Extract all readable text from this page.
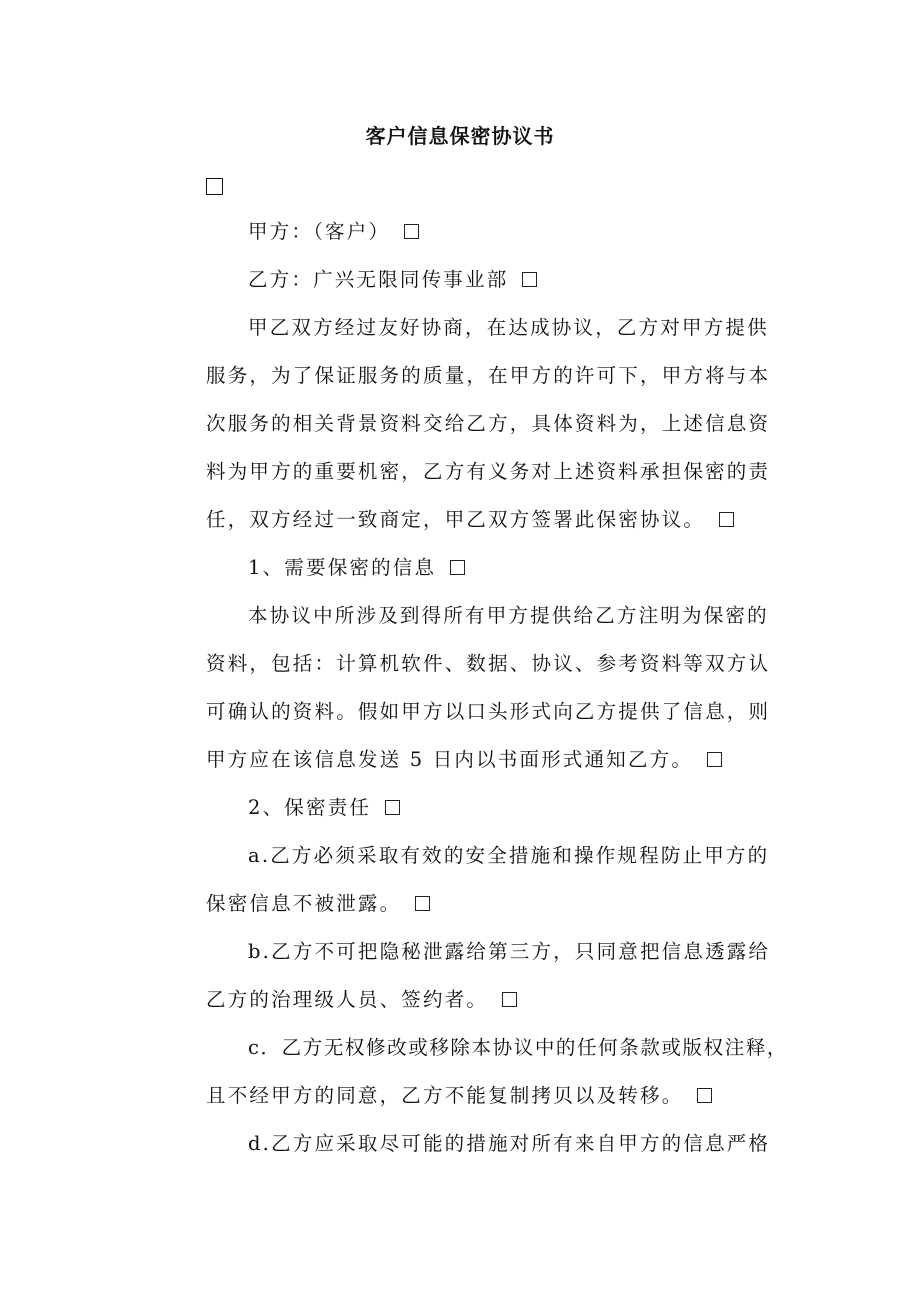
客户信息保密协议书
甲方：（客户）
乙方：广兴无限同传事业部
甲乙双方经过友好协商，在达成协议，乙方对甲方提供
服务，为了保证服务的质量，在甲方的许可下，甲方将与本
次服务的相关背景资料交给乙方，具体资料为，上述信息资
料为甲方的重要机密，乙方有义务对上述资料承担保密的责
任，双方经过一致商定，甲乙双方签署此保密协议。
1、需要保密的信息
本协议中所涉及到得所有甲方提供给乙方注明为保密的
资料，包括：计算机软件、数据、协议、参考资料等双方认
可确认的资料。假如甲方以口头形式向乙方提供了信息，则
甲方应在该信息发送 5 日内以书面形式通知乙方。
2、保密责任
a.乙方必须采取有效的安全措施和操作规程防止甲方的
保密信息不被泄露。
b.乙方不可把隐秘泄露给第三方，只同意把信息透露给
乙方的治理级人员、签约者。
c．乙方无权修改或移除本协议中的任何条款或版权注释，
且不经甲方的同意，乙方不能复制拷贝以及转移。
d.乙方应采取尽可能的措施对所有来自甲方的信息严格
